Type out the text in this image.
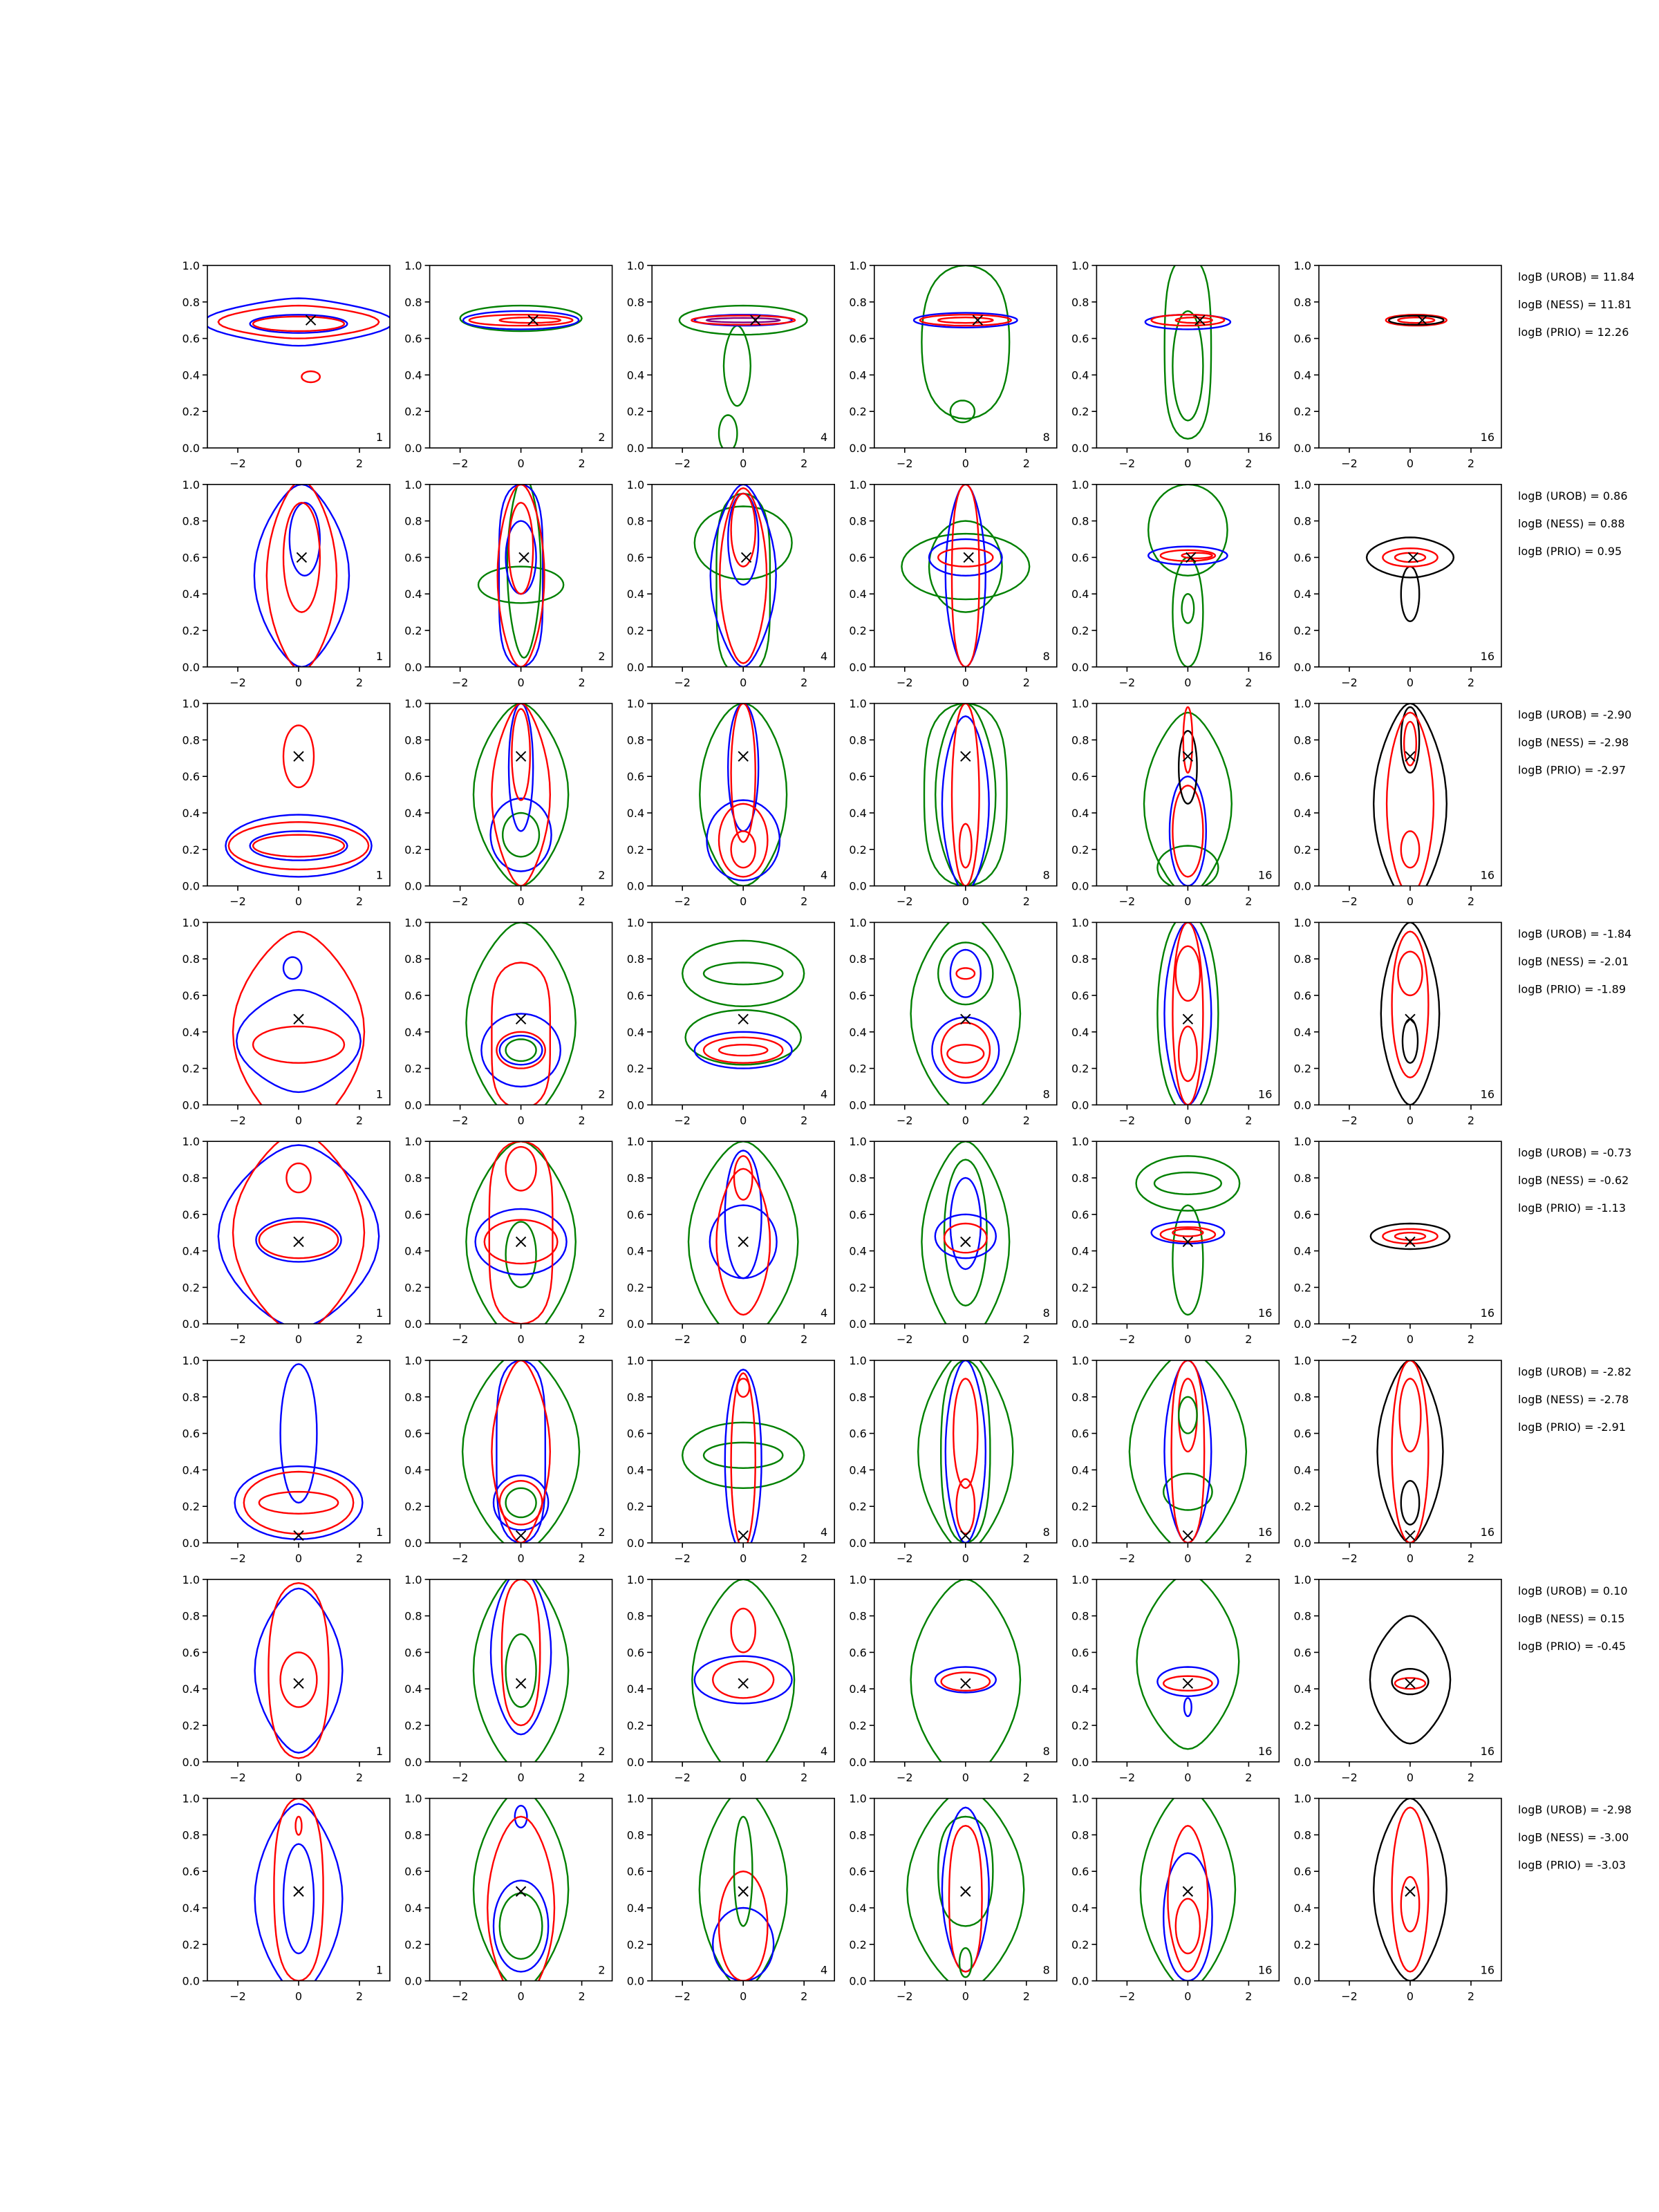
−2	0	2
0.0
0.2
0.4
0.6
0.8
1.0
1
−2	0	2
0.0
0.2
0.4
0.6
0.8
1.0
2
−2	0	2
0.0
0.2
0.4
0.6
0.8
1.0
4
−2	0	2
0.0
0.2
0.4
0.6
0.8
1.0
8
−2	0	2
0.0
0.2
0.4
0.6
0.8
1.0
16
−2	0	2
0.0
0.2
0.4
0.6
0.8
1.0
16
logB (UROB) = 11.84
logB (NESS) = 11.81
logB (PRIO) = 12.26
−2	0	2
0.0
0.2
0.4
0.6
0.8
1.0
1
−2	0	2
0.0
0.2
0.4
0.6
0.8
1.0
2
−2	0	2
0.0
0.2
0.4
0.6
0.8
1.0
4
−2	0	2
0.0
0.2
0.4
0.6
0.8
1.0
8
−2	0	2
0.0
0.2
0.4
0.6
0.8
1.0
16
−2	0	2
0.0
0.2
0.4
0.6
0.8
1.0
16
logB (UROB) = 0.86
logB (NESS) = 0.88
logB (PRIO) = 0.95
−2	0	2
0.0
0.2
0.4
0.6
0.8
1.0
1
−2	0	2
0.0
0.2
0.4
0.6
0.8
1.0
2
−2	0	2
0.0
0.2
0.4
0.6
0.8
1.0
4
−2	0	2
0.0
0.2
0.4
0.6
0.8
1.0
8
−2	0	2
0.0
0.2
0.4
0.6
0.8
1.0
16
−2	0	2
0.0
0.2
0.4
0.6
0.8
1.0
16
logB (UROB) = -2.90
logB (NESS) = -2.98
logB (PRIO) = -2.97
−2	0	2
0.0
0.2
0.4
0.6
0.8
1.0
1
−2	0	2
0.0
0.2
0.4
0.6
0.8
1.0
2
−2	0	2
0.0
0.2
0.4
0.6
0.8
1.0
4
−2	0	2
0.0
0.2
0.4
0.6
0.8
1.0
8
−2	0	2
0.0
0.2
0.4
0.6
0.8
1.0
16
−2	0	2
0.0
0.2
0.4
0.6
0.8
1.0
16
logB (UROB) = -1.84
logB (NESS) = -2.01
logB (PRIO) = -1.89
−2	0	2
0.0
0.2
0.4
0.6
0.8
1.0
1
−2	0	2
0.0
0.2
0.4
0.6
0.8
1.0
2
−2	0	2
0.0
0.2
0.4
0.6
0.8
1.0
4
−2	0	2
0.0
0.2
0.4
0.6
0.8
1.0
8
−2	0	2
0.0
0.2
0.4
0.6
0.8
1.0
16
−2	0	2
0.0
0.2
0.4
0.6
0.8
1.0
16
logB (UROB) = -0.73
logB (NESS) = -0.62
logB (PRIO) = -1.13
−2	0	2
0.0
0.2
0.4
0.6
0.8
1.0
1
−2	0	2
0.0
0.2
0.4
0.6
0.8
1.0
2
−2	0	2
0.0
0.2
0.4
0.6
0.8
1.0
4
−2	0	2
0.0
0.2
0.4
0.6
0.8
1.0
8
−2	0	2
0.0
0.2
0.4
0.6
0.8
1.0
16
−2	0	2
0.0
0.2
0.4
0.6
0.8
1.0
16
logB (UROB) = -2.82
logB (NESS) = -2.78
logB (PRIO) = -2.91
−2	0	2
0.0
0.2
0.4
0.6
0.8
1.0
1
−2	0	2
0.0
0.2
0.4
0.6
0.8
1.0
2
−2	0	2
0.0
0.2
0.4
0.6
0.8
1.0
4
−2	0	2
0.0
0.2
0.4
0.6
0.8
1.0
8
−2	0	2
0.0
0.2
0.4
0.6
0.8
1.0
16
−2	0	2
0.0
0.2
0.4
0.6
0.8
1.0
16
logB (UROB) = 0.10
logB (NESS) = 0.15
logB (PRIO) = -0.45
−2	0	2
0.0
0.2
0.4
0.6
0.8
1.0
1
−2	0	2
0.0
0.2
0.4
0.6
0.8
1.0
2
−2	0	2
0.0
0.2
0.4
0.6
0.8
1.0
4
−2	0	2
0.0
0.2
0.4
0.6
0.8
1.0
8
−2	0	2
0.0
0.2
0.4
0.6
0.8
1.0
16
−2	0	2
0.0
0.2
0.4
0.6
0.8
1.0
16
logB (UROB) = -2.98
logB (NESS) = -3.00
logB (PRIO) = -3.03
